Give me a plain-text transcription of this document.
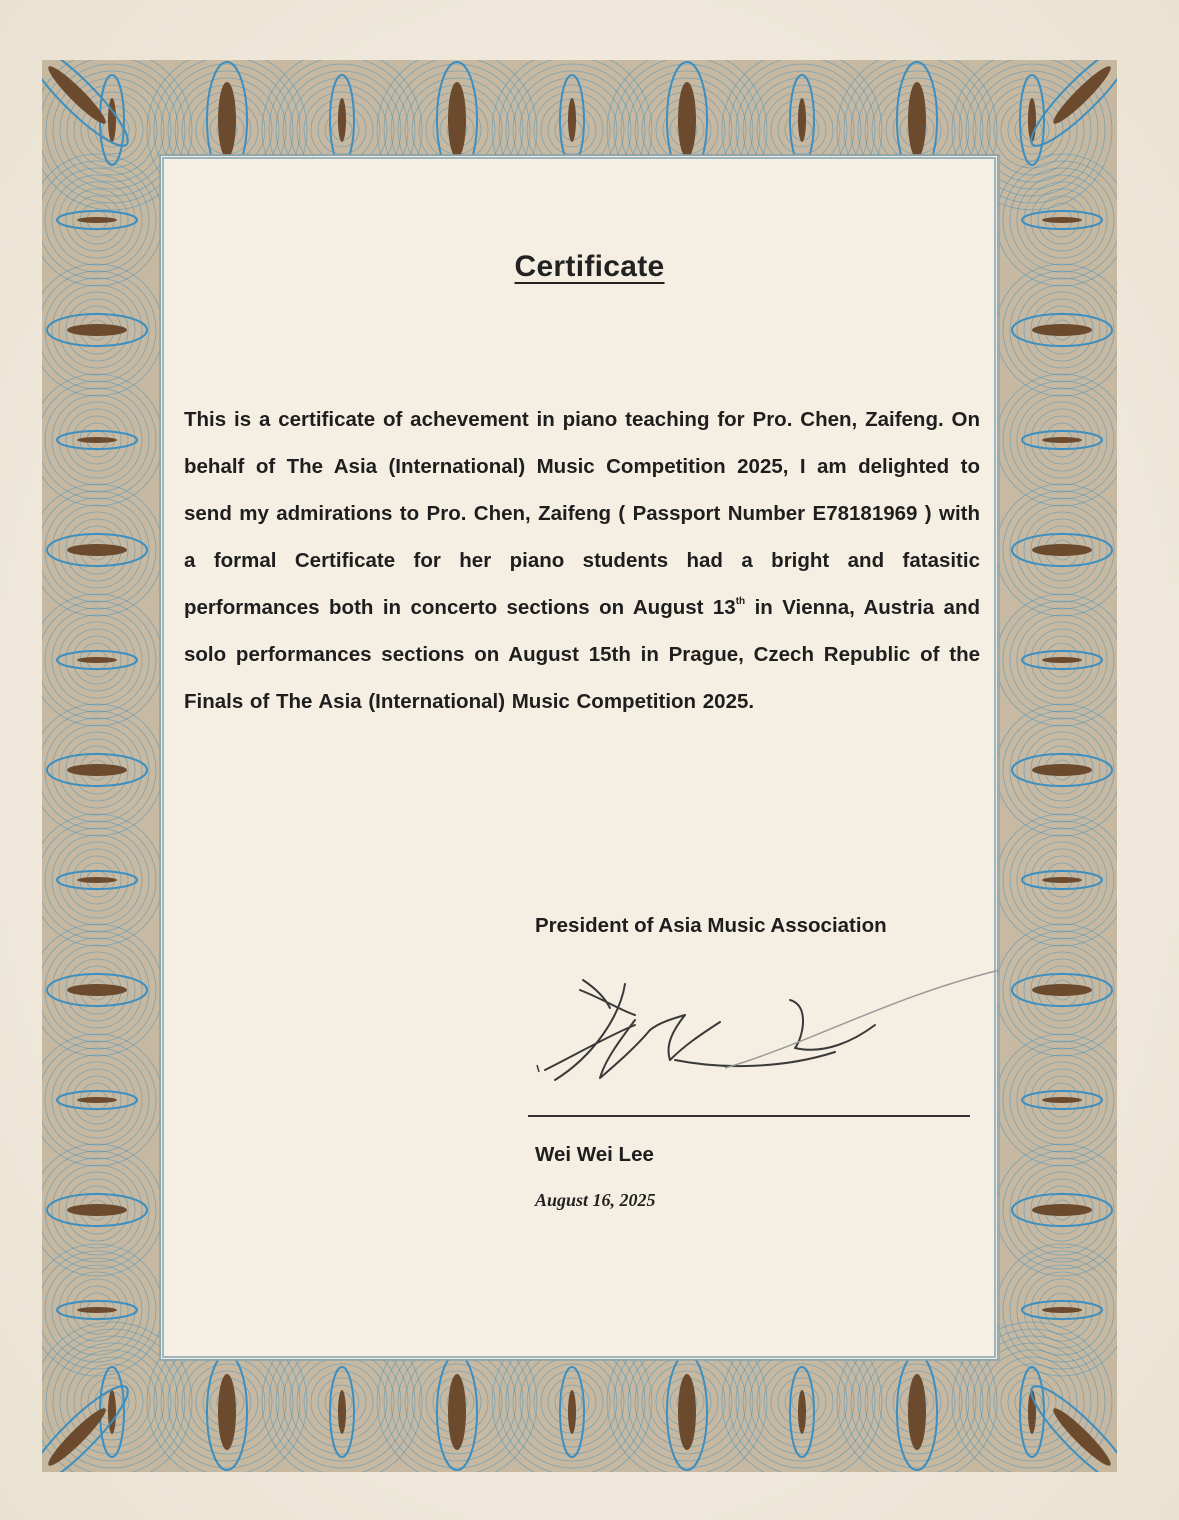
Certificate
This is a certificate of achevement in piano teaching for Pro. Chen, Zaifeng. On behalf of The Asia (International) Music Competition 2025, I am delighted to send my admirations to Pro. Chen, Zaifeng ( Passport Number E78181969 ) with a formal Certificate for her piano students had a bright and fatasitic performances both in concerto sections on August 13th in Vienna, Austria and solo performances sections on August 15th in Prague, Czech Republic of the Finals of The Asia (International) Music Competition 2025.
President of Asia Music Association
Wei Wei Lee
August 16, 2025
